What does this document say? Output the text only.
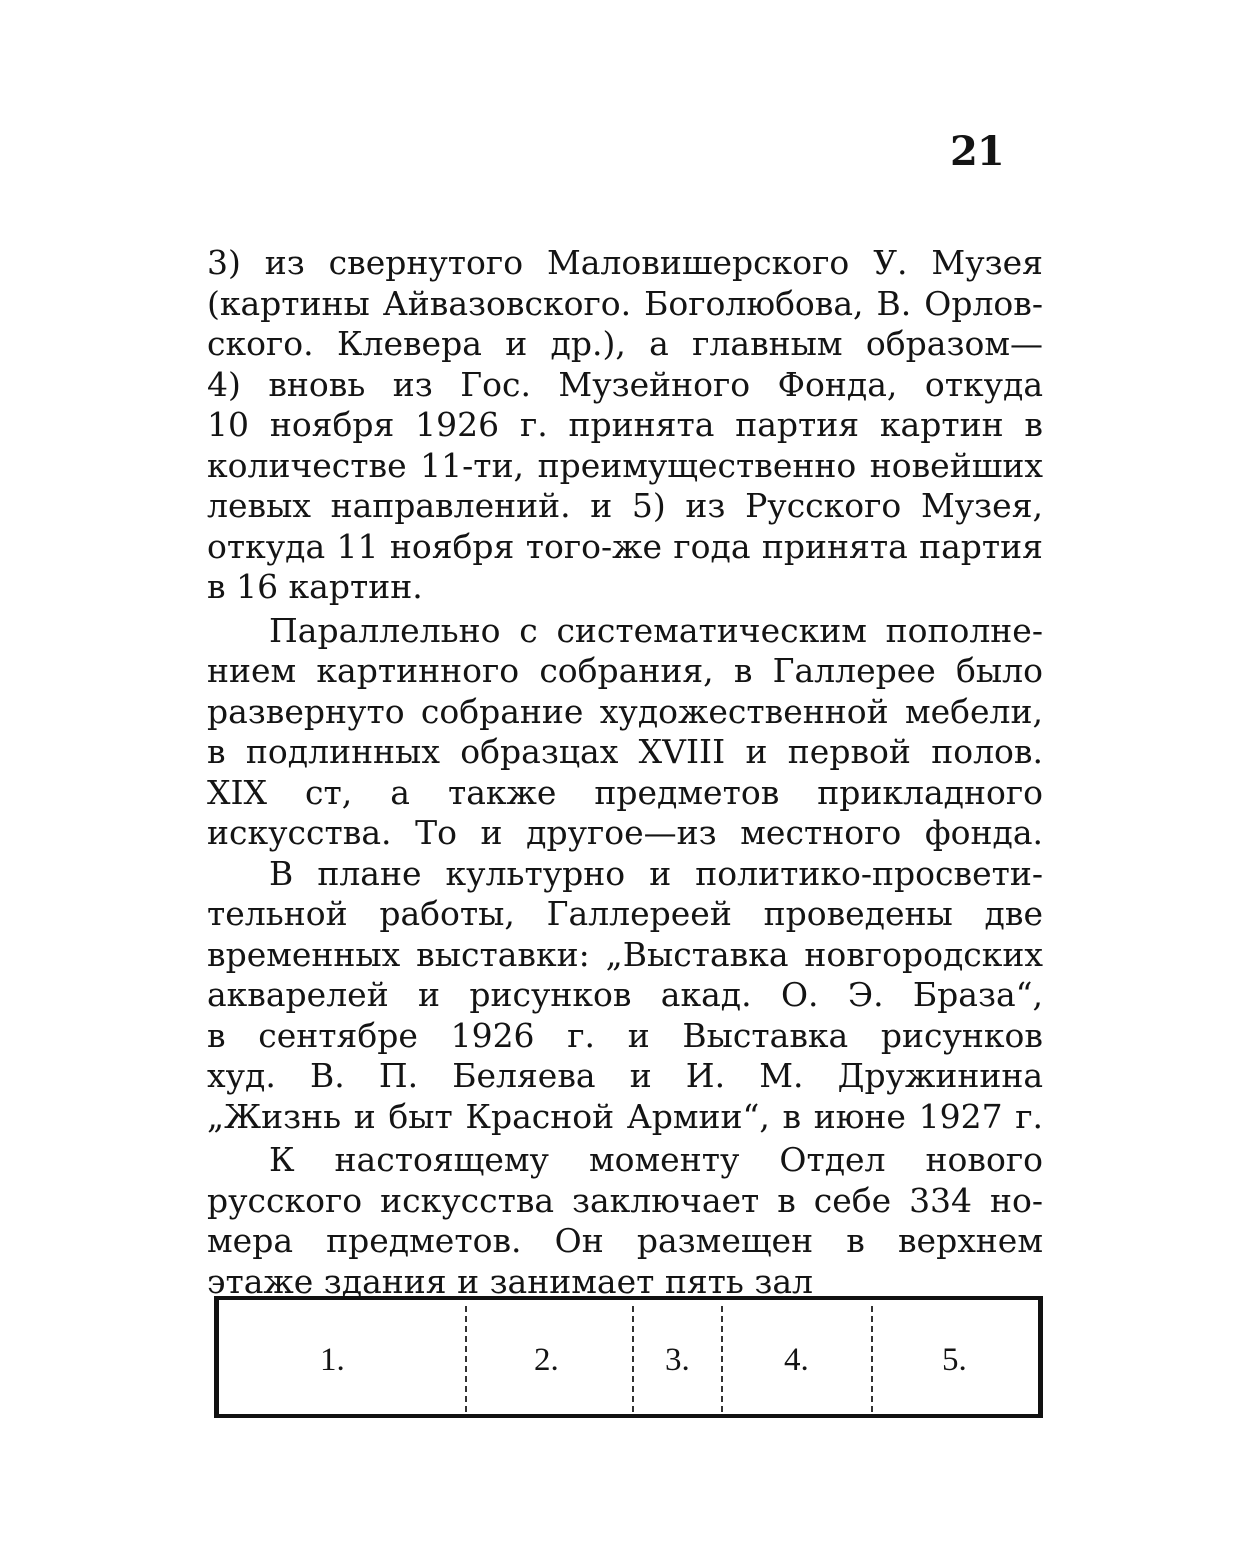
21
3) из свернутого Маловишерского У. Музея
(картины Айвазовского. Боголюбова, В. Орлов-
ского. Клевера и др.), а главным образом—
4) вновь из Гос. Музейного Фонда, откуда
10 ноября 1926 г. принята партия картин в
количестве 11-ти, преимущественно новейших
левых направлений. и 5) из Русского Музея,
откуда 11 ноября того-же года принята партия
в 16 картин.
Параллельно с систематическим пополне-
нием картинного собрания, в Галлерее было
развернуто собрание художественной мебели,
в подлинных образцах XVIII и первой полов.
XIX ст, а также предметов прикладного
искусства. То и другое—из местного фонда.
В плане культурно и политико-просвети-
тельной работы, Галлереей проведены две
временных выставки: „Выставка новгородских
акварелей и рисунков акад. О. Э. Браза“,
в сентябре 1926 г. и Выставка рисунков
худ. В. П. Беляева и И. М. Дружинина
„Жизнь и быт Красной Армии“, в июне 1927 г.
К настоящему моменту Отдел нового
русского искусства заключает в себе 334 но-
мера предметов. Он размещен в верхнем
этаже здания и занимает пять зал
1.	2.	3.	4.	5.
